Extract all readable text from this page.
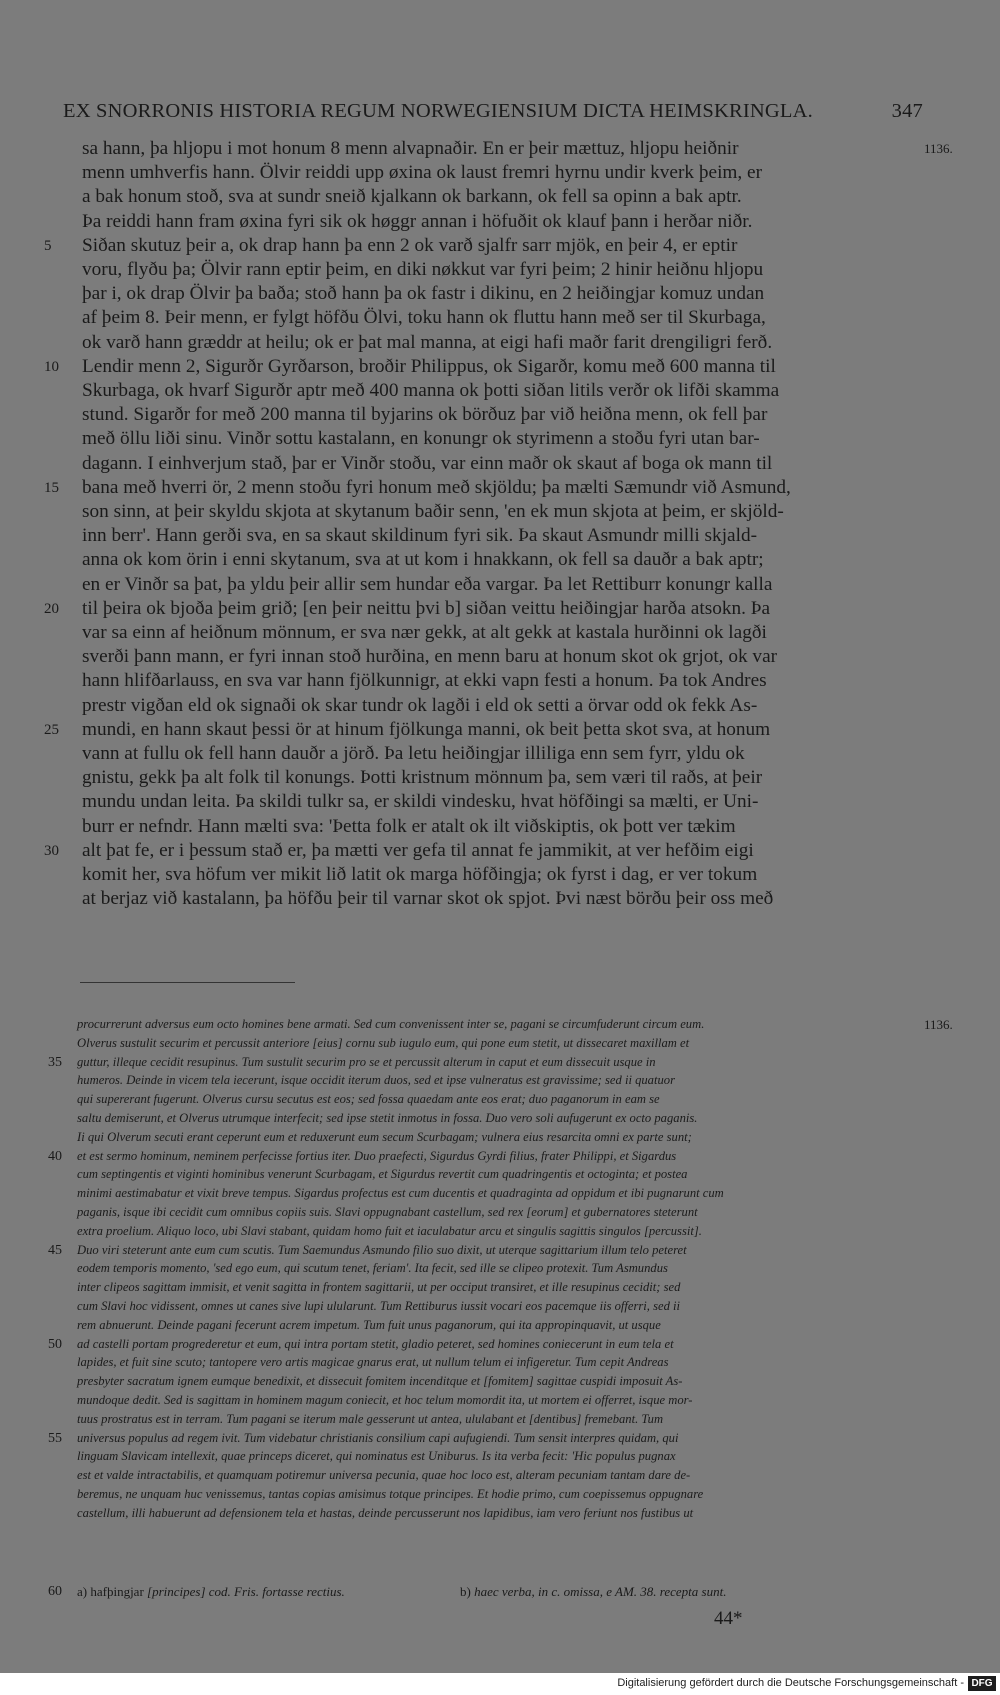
EX SNORRONIS HISTORIA REGUM NORWEGIENSIUM DICTA HEIMSKRINGLA.	347
sa hann, þa hljopu i mot honum 8 menn alvapnaðir. En er þeir mættuz, hljopu heiðnir
menn umhverfis hann. Ölvir reiddi upp øxina ok laust fremri hyrnu undir kverk þeim, er
a bak honum stoð, sva at sundr sneið kjalkann ok barkann, ok fell sa opinn a bak aptr.
Þa reiddi hann fram øxina fyri sik ok høggr annan i höfuðit ok klauf þann i herðar niðr.
Siðan skutuz þeir a, ok drap hann þa enn 2 ok varð sjalfr sarr mjök, en þeir 4, er eptir
voru, flyðu þa; Ölvir rann eptir þeim, en diki nøkkut var fyri þeim; 2 hinir heiðnu hljopu
þar i, ok drap Ölvir þa baða; stoð hann þa ok fastr i dikinu, en 2 heiðingjar komuz undan
af þeim 8. Þeir menn, er fylgt höfðu Ölvi, toku hann ok fluttu hann með ser til Skurbaga,
ok varð hann græddr at heilu; ok er þat mal manna, at eigi hafi maðr farit drengiligri ferð.
Lendir menn 2, Sigurðr Gyrðarson, broðir Philippus, ok Sigarðr, komu með 600 manna til
Skurbaga, ok hvarf Sigurðr aptr með 400 manna ok þotti siðan litils verðr ok lifði skamma
stund. Sigarðr for með 200 manna til byjarins ok börðuz þar við heiðna menn, ok fell þar
með öllu liði sinu. Vinðr sottu kastalann, en konungr ok styrimenn a stoðu fyri utan bar-
dagann. I einhverjum stað, þar er Vinðr stoðu, var einn maðr ok skaut af boga ok mann til
bana með hverri ör, 2 menn stoðu fyri honum með skjöldu; þa mælti Sæmundr við Asmund,
son sinn, at þeir skyldu skjota at skytanum baðir senn, 'en ek mun skjota at þeim, er skjöld-
inn berr'. Hann gerði sva, en sa skaut skildinum fyri sik. Þa skaut Asmundr milli skjald-
anna ok kom örin i enni skytanum, sva at ut kom i hnakkann, ok fell sa dauðr a bak aptr;
en er Vinðr sa þat, þa yldu þeir allir sem hundar eða vargar. Þa let Rettiburr konungr kalla
til þeira ok bjoða þeim grið; [en þeir neittu þvi b] siðan veittu heiðingjar harða atsokn. Þa
var sa einn af heiðnum mönnum, er sva nær gekk, at alt gekk at kastala hurðinni ok lagði
sverði þann mann, er fyri innan stoð hurðina, en menn baru at honum skot ok grjot, ok var
hann hlifðarlauss, en sva var hann fjölkunnigr, at ekki vapn festi a honum. Þa tok Andres
prestr vigðan eld ok signaði ok skar tundr ok lagði i eld ok setti a örvar odd ok fekk As-
mundi, en hann skaut þessi ör at hinum fjölkunga manni, ok beit þetta skot sva, at honum
vann at fullu ok fell hann dauðr a jörð. Þa letu heiðingjar illiliga enn sem fyrr, yldu ok
gnistu, gekk þa alt folk til konungs. Þotti kristnum mönnum þa, sem væri til raðs, at þeir
mundu undan leita. Þa skildi tulkr sa, er skildi vindesku, hvat höfðingi sa mælti, er Uni-
burr er nefndr. Hann mælti sva: 'Þetta folk er atalt ok ilt viðskiptis, ok þott ver tækim
alt þat fe, er i þessum stað er, þa mætti ver gefa til annat fe jammikit, at ver hefðim eigi
komit her, sva höfum ver mikit lið latit ok marga höfðingja; ok fyrst i dag, er ver tokum
at berjaz við kastalann, þa höfðu þeir til varnar skot ok spjot. Þvi næst börðu þeir oss með
5
10
15
20
25
30
1136.
procurrerunt adversus eum octo homines bene armati. Sed cum convenissent inter se, pagani se circumfuderunt circum eum.
Olverus sustulit securim et percussit anteriore [eius] cornu sub iugulo eum, qui pone eum stetit, ut dissecaret maxillam et
guttur, illeque cecidit resupinus. Tum sustulit securim pro se et percussit alterum in caput et eum dissecuit usque in
humeros. Deinde in vicem tela iecerunt, isque occidit iterum duos, sed et ipse vulneratus est gravissime; sed ii quatuor
qui supererant fugerunt. Olverus cursu secutus est eos; sed fossa quaedam ante eos erat; duo paganorum in eam se
saltu demiserunt, et Olverus utrumque interfecit; sed ipse stetit inmotus in fossa. Duo vero soli aufugerunt ex octo paganis.
Ii qui Olverum secuti erant ceperunt eum et reduxerunt eum secum Scurbagam; vulnera eius resarcita omni ex parte sunt;
et est sermo hominum, neminem perfecisse fortius iter. Duo praefecti, Sigurdus Gyrdi filius, frater Philippi, et Sigardus
cum septingentis et viginti hominibus venerunt Scurbagam, et Sigurdus revertit cum quadringentis et octoginta; et postea
minimi aestimabatur et vixit breve tempus. Sigardus profectus est cum ducentis et quadraginta ad oppidum et ibi pugnarunt cum
paganis, isque ibi cecidit cum omnibus copiis suis. Slavi oppugnabant castellum, sed rex [eorum] et gubernatores steterunt
extra proelium. Aliquo loco, ubi Slavi stabant, quidam homo fuit et iaculabatur arcu et singulis sagittis singulos [percussit].
Duo viri steterunt ante eum cum scutis. Tum Saemundus Asmundo filio suo dixit, ut uterque sagittarium illum telo peteret
eodem temporis momento, 'sed ego eum, qui scutum tenet, feriam'. Ita fecit, sed ille se clipeo protexit. Tum Asmundus
inter clipeos sagittam immisit, et venit sagitta in frontem sagittarii, ut per occiput transiret, et ille resupinus cecidit; sed
cum Slavi hoc vidissent, omnes ut canes sive lupi ulularunt. Tum Rettiburus iussit vocari eos pacemque iis offerri, sed ii
rem abnuerunt. Deinde pagani fecerunt acrem impetum. Tum fuit unus paganorum, qui ita appropinquavit, ut usque
ad castelli portam progrederetur et eum, qui intra portam stetit, gladio peteret, sed homines coniecerunt in eum tela et
lapides, et fuit sine scuto; tantopere vero artis magicae gnarus erat, ut nullum telum ei infigeretur. Tum cepit Andreas
presbyter sacratum ignem eumque benedixit, et dissecuit fomitem incenditque et [fomitem] sagittae cuspidi imposuit As-
mundoque dedit. Sed is sagittam in hominem magum coniecit, et hoc telum momordit ita, ut mortem ei offerret, isque mor-
tuus prostratus est in terram. Tum pagani se iterum male gesserunt ut antea, ululabant et [dentibus] fremebant. Tum
universus populus ad regem ivit. Tum videbatur christianis consilium capi aufugiendi. Tum sensit interpres quidam, qui
linguam Slavicam intellexit, quae princeps diceret, qui nominatus est Uniburus. Is ita verba fecit: 'Hic populus pugnax
est et valde intractabilis, et quamquam potiremur universa pecunia, quae hoc loco est, alteram pecuniam tantam dare de-
beremus, ne unquam huc venissemus, tantas copias amisimus totque principes. Et hodie primo, cum coepissemus oppugnare
castellum, illi habuerunt ad defensionem tela et hastas, deinde percusserunt nos lapidibus, iam vero feriunt nos fustibus ut
35
40
45
50
55
1136.
60 a) hafþingjar [principes] cod. Fris. fortasse rectius.	b) haec verba, in c. omissa, e AM. 38. recepta sunt.
44*
Digitalisierung gefördert durch die Deutsche Forschungsgemeinschaft - DFG
